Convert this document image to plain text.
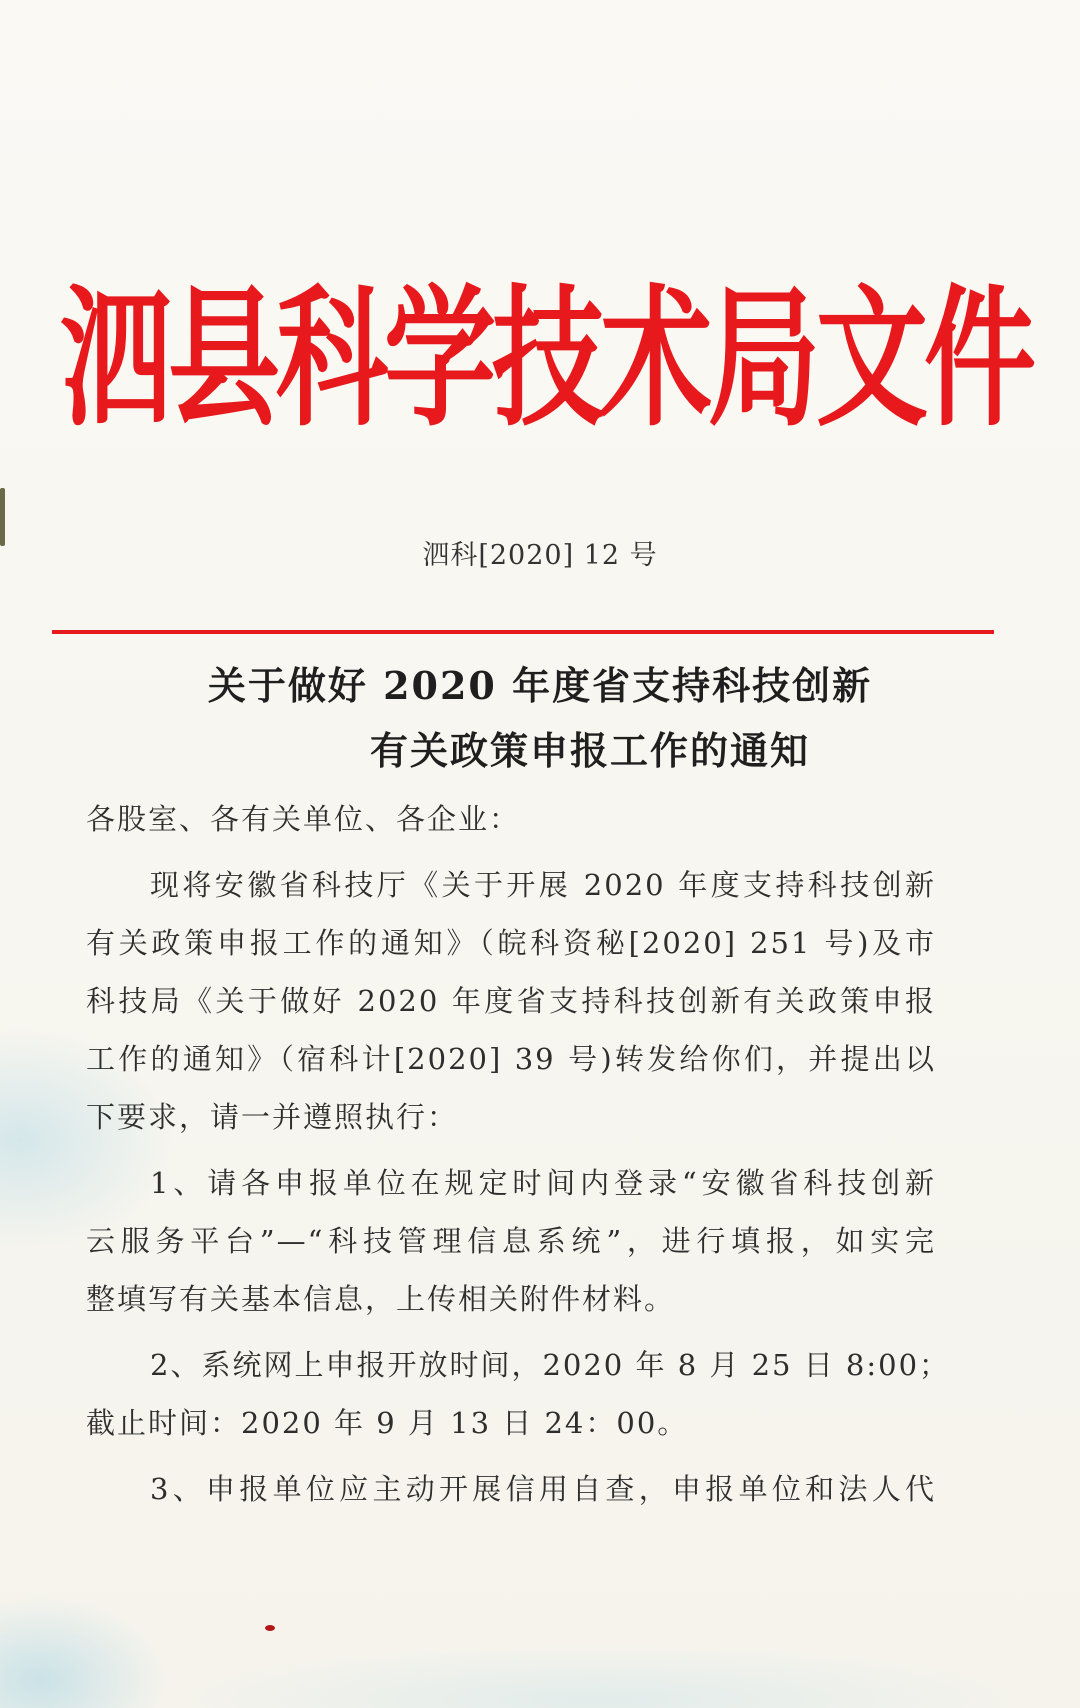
泗县科学技术局文件
泗科[2020] 12 号
关于做好 2020 年度省支持科技创新
有关政策申报工作的通知
各股室、各有关单位、各企业：
现将安徽省科技厅《关于开展 2020 年度支持科技创新
有关政策申报工作的通知》（皖科资秘[2020] 251 号)及市
科技局《关于做好 2020 年度省支持科技创新有关政策申报
工作的通知》（宿科计[2020] 39 号)转发给你们，并提出以
下要求，请一并遵照执行：
1、请各申报单位在规定时间内登录“安徽省科技创新
云服务平台”—“科技管理信息系统”，进行填报，如实完
整填写有关基本信息，上传相关附件材料。
2、系统网上申报开放时间，2020 年 8 月 25 日 8:00；
截止时间：2020 年 9 月 13 日 24：00。
3、申报单位应主动开展信用自查，申报单位和法人代
